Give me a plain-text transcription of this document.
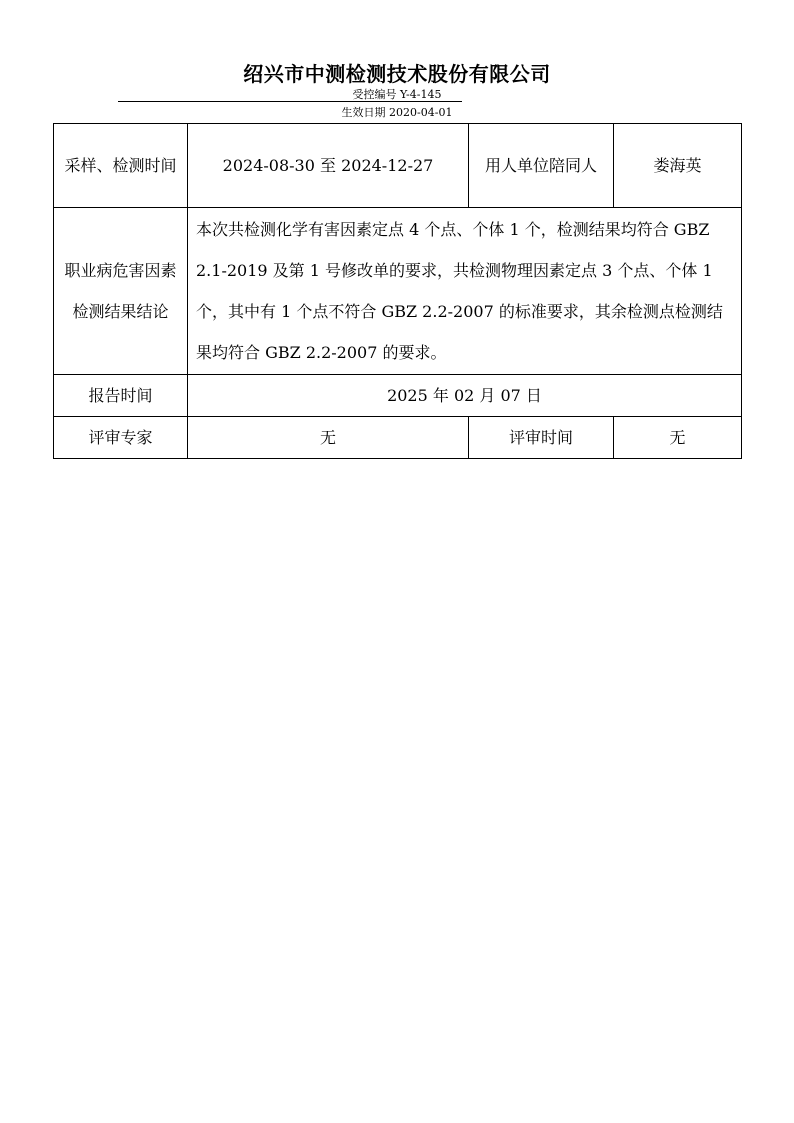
绍兴市中测检测技术股份有限公司
受控编号 Y-4-145
生效日期 2020-04-01
采样、检测时间	2024-08-30 至 2024-12-27	用人单位陪同人	娄海英
职业病危害因素检测结果结论	本次共检测化学有害因素定点 4 个点、个体 1 个，检测结果均符合 GBZ 2.1-2019 及第 1 号修改单的要求，共检测物理因素定点 3 个点、个体 1 个，其中有 1 个点不符合 GBZ 2.2-2007 的标准要求，其余检测点检测结果均符合 GBZ 2.2-2007 的要求。		
报告时间	2025 年 02 月 07 日		
评审专家	无	评审时间	无
